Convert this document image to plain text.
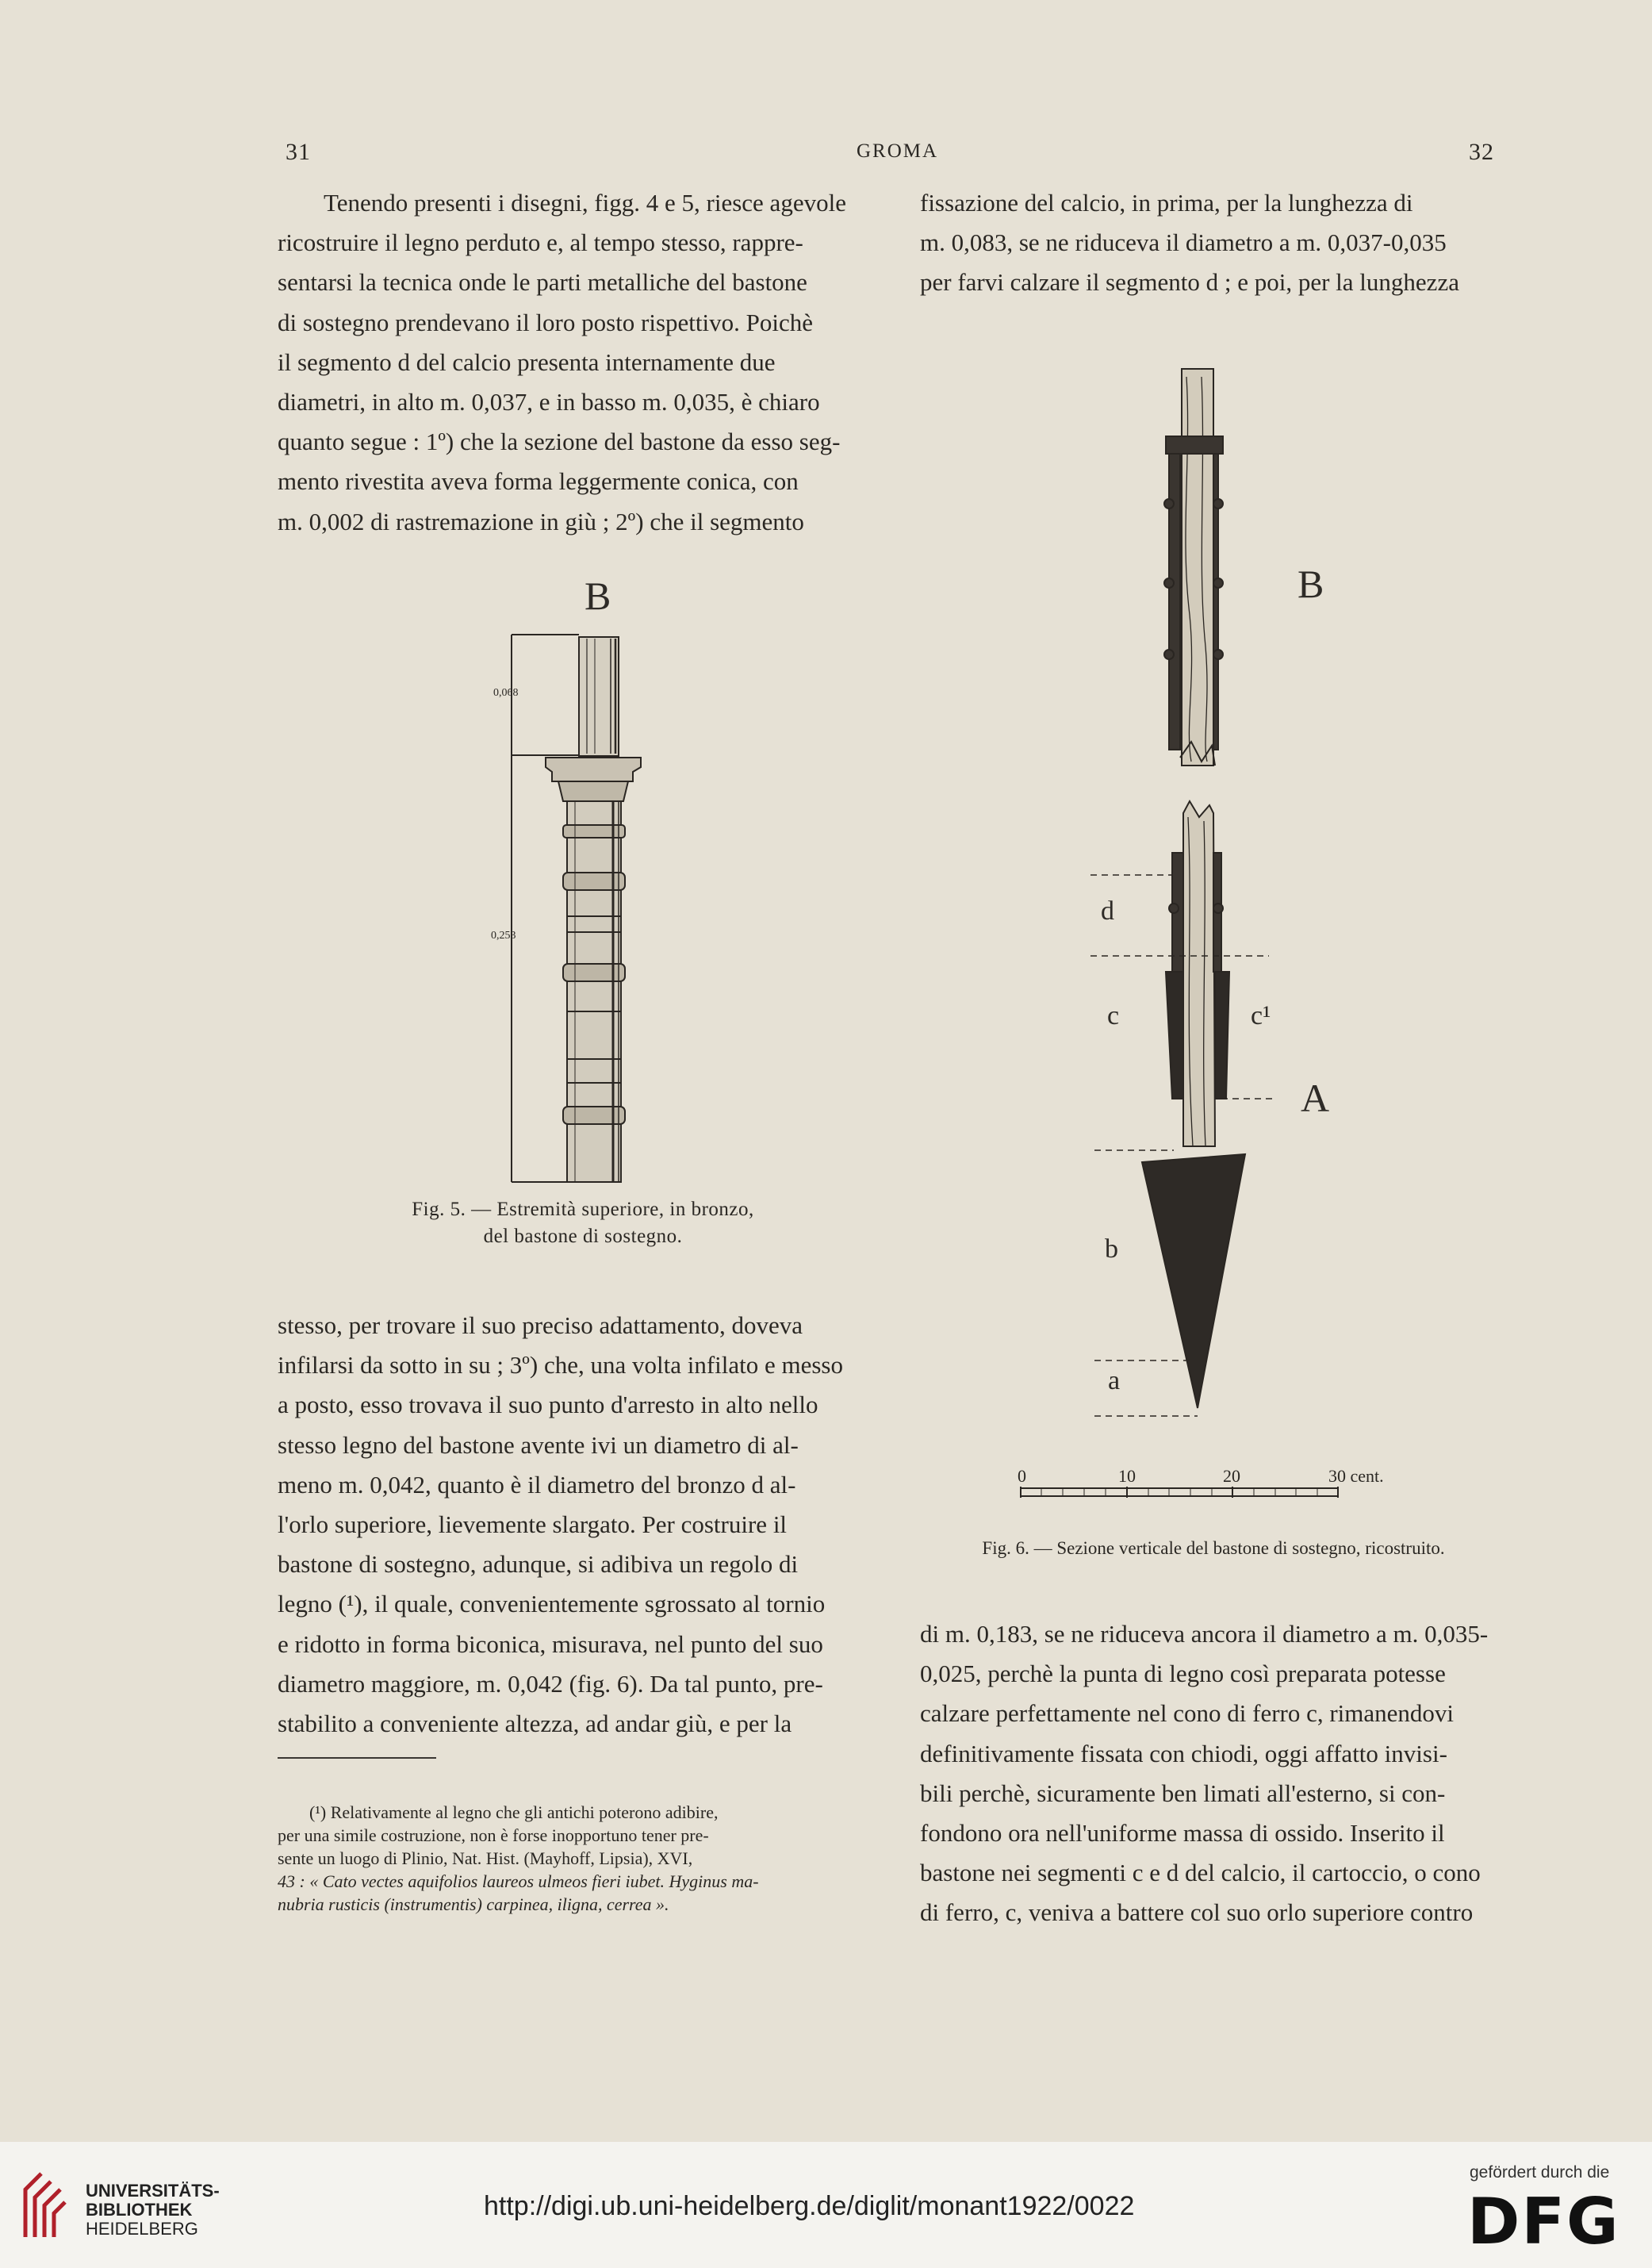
31	GROMA	32

Tenendo presenti i disegni, figg. 4 e 5, riesce agevole

ricostruire il legno perduto e, al tempo stesso, rappre-

sentarsi la tecnica onde le parti metalliche del bastone

di sostegno prendevano il loro posto rispettivo. Poichè

il segmento d del calcio presenta internamente due

diametri, in alto m. 0,037, e in basso m. 0,035, è chiaro

quanto segue : 1º) che la sezione del bastone da esso seg-

mento rivestita aveva forma leggermente conica, con

m. 0,002 di rastremazione in giù ; 2º) che il segmento

fissazione del calcio, in prima, per la lunghezza di

m. 0,083, se ne riduceva il diametro a m. 0,037-0,035

per farvi calzare il segmento d ; e poi, per la lunghezza

B
0,068
0,253
Fig. 5. — Estremità superiore, in bronzo,
del bastone di sostegno.
B
d
c	c¹
A
b
a
0	10	20	30 cent.
Fig. 6. — Sezione verticale del bastone di sostegno, ricostruito.

stesso, per trovare il suo preciso adattamento, doveva

infilarsi da sotto in su ; 3º) che, una volta infilato e messo

a posto, esso trovava il suo punto d'arresto in alto nello

stesso legno del bastone avente ivi un diametro di al-

meno m. 0,042, quanto è il diametro del bronzo d al-

l'orlo superiore, lievemente slargato. Per costruire il

bastone di sostegno, adunque, si adibiva un regolo di

legno (¹), il quale, convenientemente sgrossato al tornio

e ridotto in forma biconica, misurava, nel punto del suo

diametro maggiore, m. 0,042 (fig. 6). Da tal punto, pre-

stabilito a conveniente altezza, ad andar giù, e per la

(¹) Relativamente al legno che gli antichi poterono adibire,
per una simile costruzione, non è forse inopportuno tener pre-
sente un luogo di Plinio, Nat. Hist. (Mayhoff, Lipsia), XVI,
43 : « Cato vectes aquifolios laureos ulmeos fieri iubet. Hyginus ma-
nubria rusticis (instrumentis) carpinea, iligna, cerrea ».

di m. 0,183, se ne riduceva ancora il diametro a m. 0,035-

0,025, perchè la punta di legno così preparata potesse

calzare perfettamente nel cono di ferro c, rimanendovi

definitivamente fissata con chiodi, oggi affatto invisi-

bili perchè, sicuramente ben limati all'esterno, si con-

fondono ora nell'uniforme massa di ossido. Inserito il

bastone nei segmenti c e d del calcio, il cartoccio, o cono

di ferro, c, veniva a battere col suo orlo superiore contro

UNIVERSITÄTS-
BIBLIOTHEK
HEIDELBERG
http://digi.ub.uni-heidelberg.de/diglit/monant1922/0022
gefördert durch die
DFG
